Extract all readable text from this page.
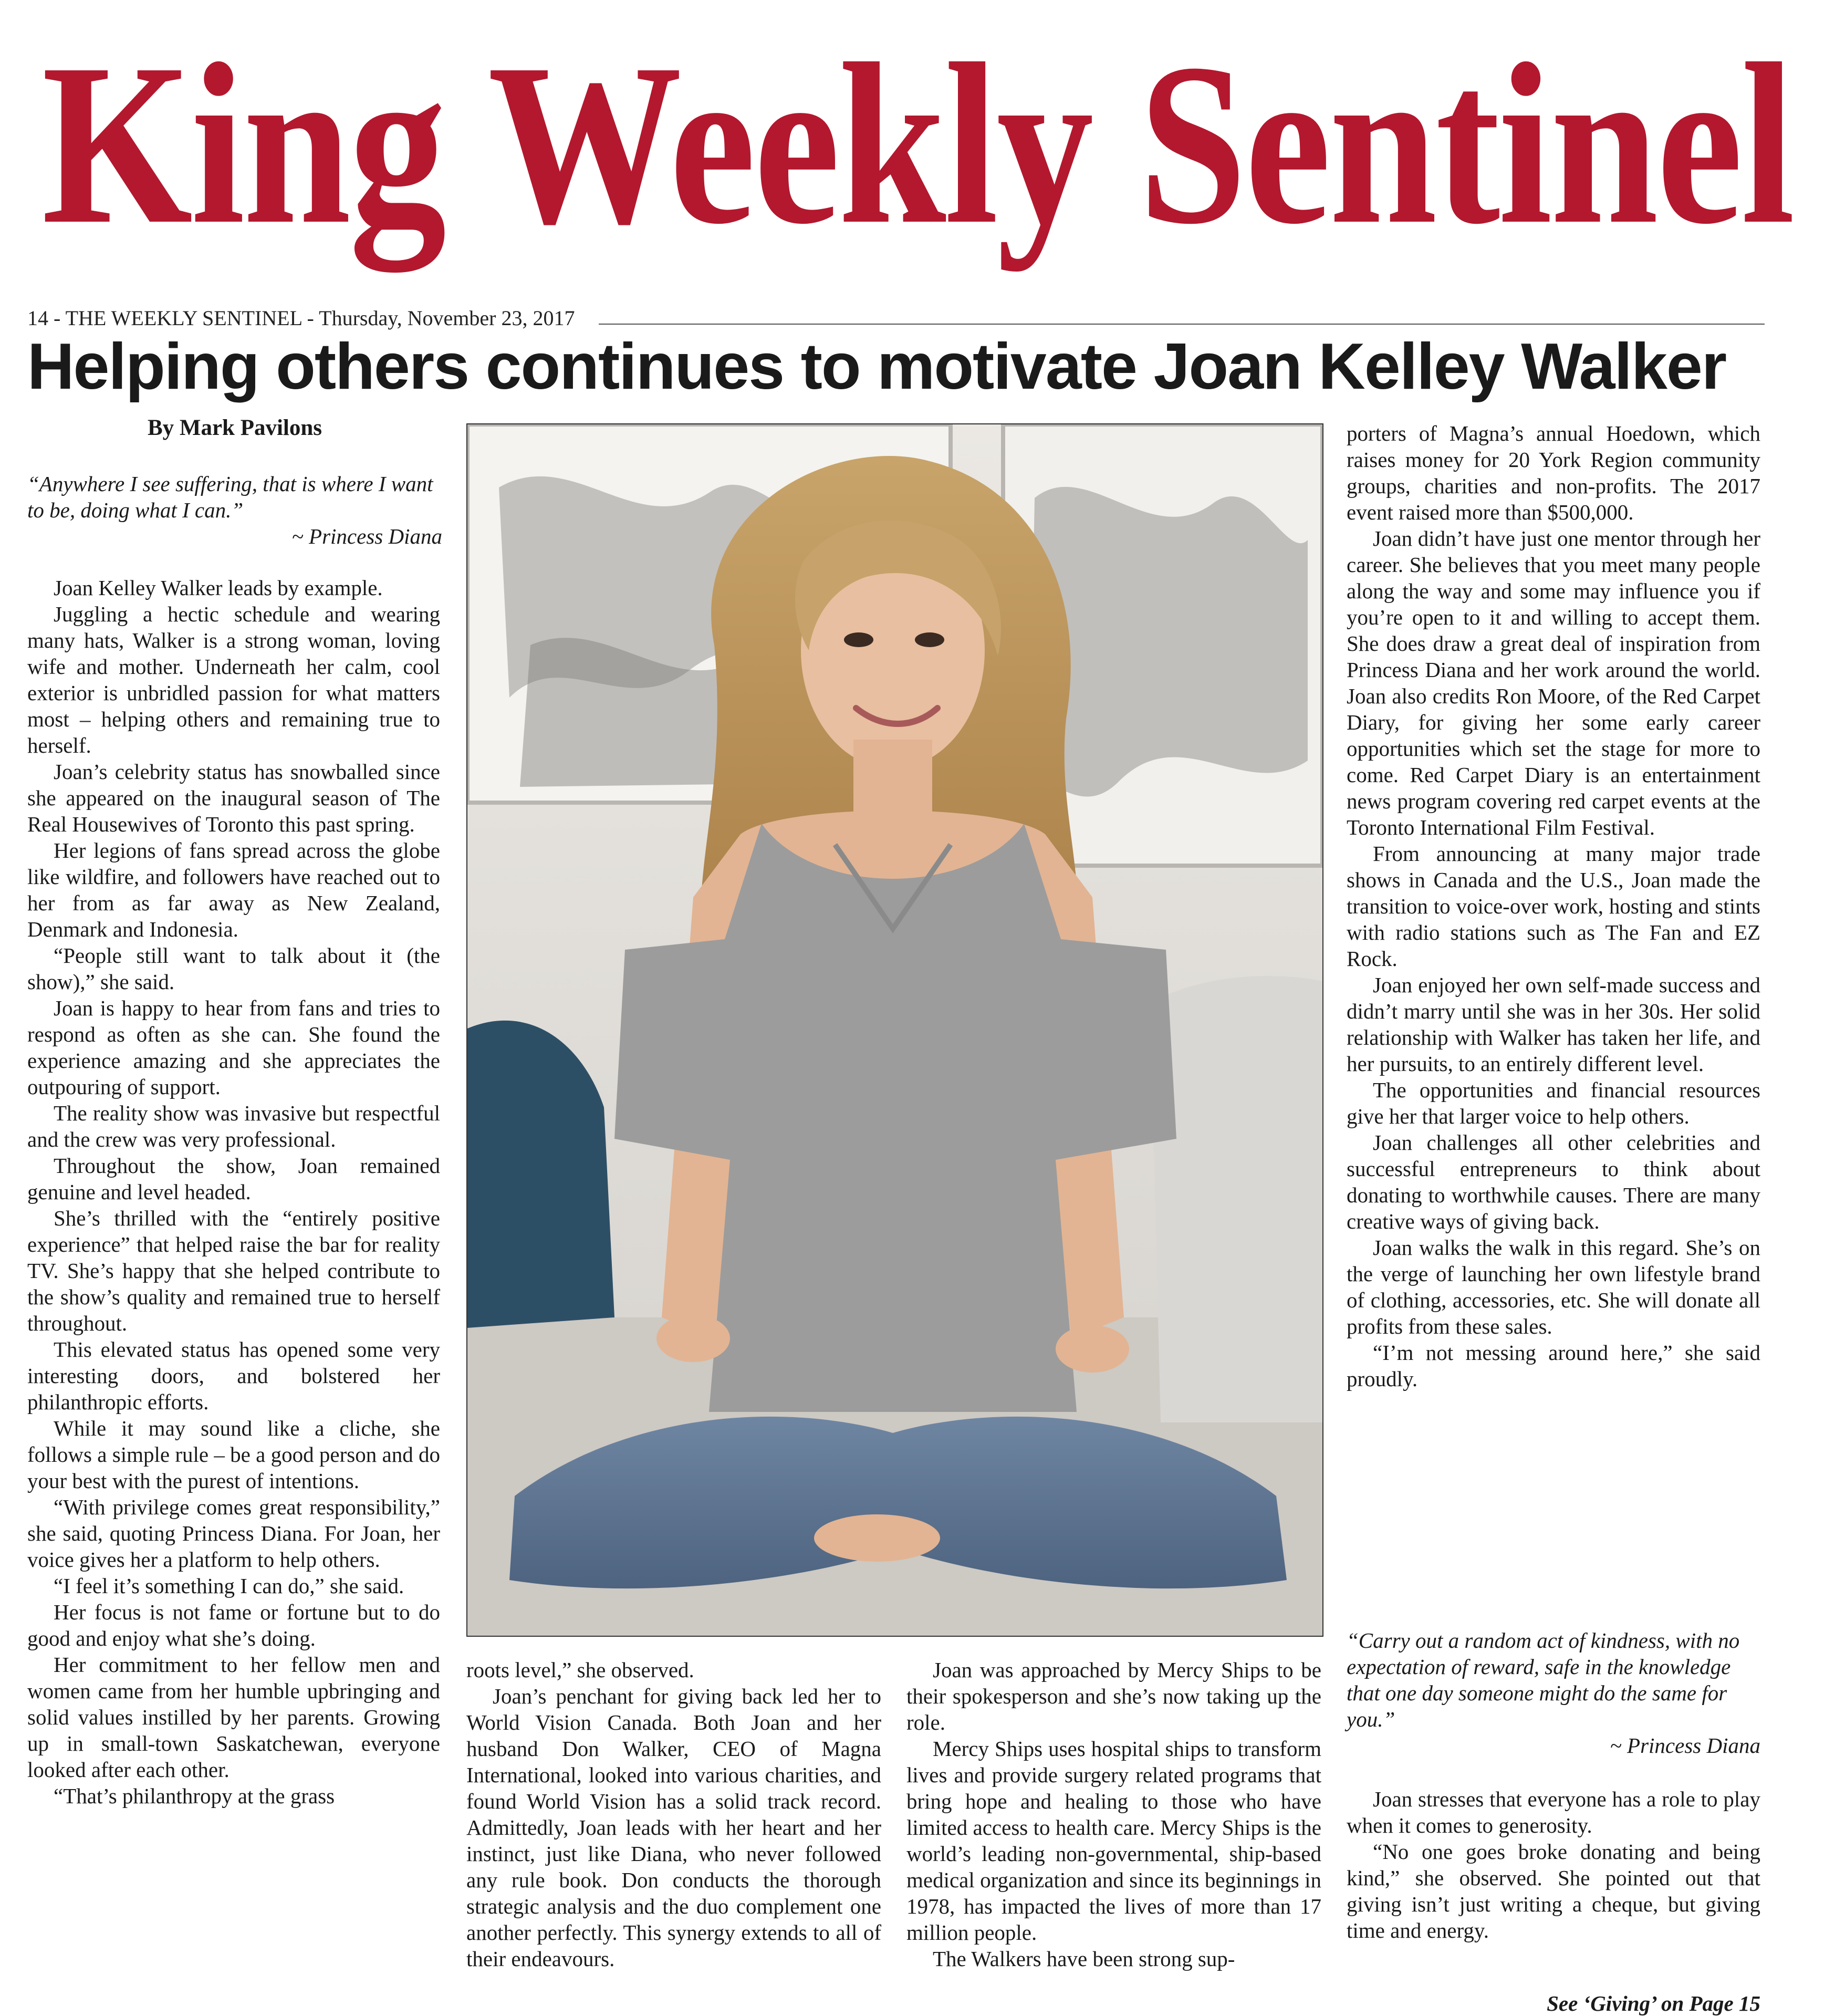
King Weekly Sentinel
14 - THE WEEKLY SENTINEL - Thursday, November 23, 2017
Helping others continues to motivate Joan Kelley Walker
By Mark Pavilons
“Anywhere I see suffering, that is where I want to be, doing what I can.”
~ Princess Diana

Joan Kelley Walker leads by example.

Juggling a hectic schedule and wearing many hats, Walker is a strong woman, loving wife and mother. Underneath her calm, cool exterior is unbridled passion for what matters most – helping others and remaining true to herself.

Joan’s celebrity status has snowballed since she appeared on the inaugural season of The Real Housewives of Toronto this past spring.

Her legions of fans spread across the globe like wildfire, and followers have reached out to her from as far away as New Zealand, Denmark and Indonesia.

“People still want to talk about it (the show),” she said.

Joan is happy to hear from fans and tries to respond as often as she can. She found the experience amazing and she appreciates the outpouring of support.

The reality show was invasive but respectful and the crew was very professional.

Throughout the show, Joan remained genuine and level headed.

She’s thrilled with the “entirely positive experience” that helped raise the bar for reality TV. She’s happy that she helped contribute to the show’s quality and remained true to herself throughout.

This elevated status has opened some very interesting doors, and bolstered her philanthropic efforts.

While it may sound like a cliche, she follows a simple rule – be a good person and do your best with the purest of intentions.

“With privilege comes great responsibility,” she said, quoting Princess Diana. For Joan, her voice gives her a platform to help others.

“I feel it’s something I can do,” she said.

Her focus is not fame or fortune but to do good and enjoy what she’s doing.

Her commitment to her fellow men and women came from her humble upbringing and solid values instilled by her parents. Growing up in small-town Saskatchewan, everyone looked after each other.

“That’s philanthropy at the grass

roots level,” she observed.

Joan’s penchant for giving back led her to World Vision Canada. Both Joan and her husband Don Walker, CEO of Magna International, looked into various charities, and found World Vision has a solid track record. Admittedly, Joan leads with her heart and her instinct, just like Diana, who never followed any rule book. Don conducts the thorough strategic analysis and the duo complement one another perfectly. This synergy extends to all of their endeavours.

Joan was approached by Mercy Ships to be their spokesperson and she’s now taking up the role.

Mercy Ships uses hospital ships to transform lives and provide surgery related programs that bring hope and healing to those who have limited access to health care. Mercy Ships is the world’s leading non-governmental, ship-based medical organization and since its beginnings in 1978, has impacted the lives of more than 17 million people.

The Walkers have been strong sup-

porters of Magna’s annual Hoedown, which raises money for 20 York Region community groups, charities and non-profits. The 2017 event raised more than $500,000.

Joan didn’t have just one mentor through her career. She believes that you meet many people along the way and some may influence you if you’re open to it and willing to accept them. She does draw a great deal of inspiration from Princess Diana and her work around the world. Joan also credits Ron Moore, of the Red Carpet Diary, for giving her some early career opportunities which set the stage for more to come. Red Carpet Diary is an entertainment news program covering red carpet events at the Toronto International Film Festival.

From announcing at many major trade shows in Canada and the U.S., Joan made the transition to voice-over work, hosting and stints with radio stations such as The Fan and EZ Rock.

Joan enjoyed her own self-made success and didn’t marry until she was in her 30s. Her solid relationship with Walker has taken her life, and her pursuits, to an entirely different level.

The opportunities and financial resources give her that larger voice to help others.

Joan challenges all other celebrities and successful entrepreneurs to think about donating to worthwhile causes. There are many creative ways of giving back.

Joan walks the walk in this regard. She’s on the verge of launching her own lifestyle brand of clothing, accessories, etc. She will donate all profits from these sales.

“I’m not messing around here,” she said proudly.

“Carry out a random act of kindness, with no expectation of reward, safe in the knowledge that one day someone might do the same for you.”
~ Princess Diana

Joan stresses that everyone has a role to play when it comes to generosity.

“No one goes broke donating and being kind,” she observed. She pointed out that giving isn’t just writing a cheque, but giving time and energy.

See ‘Giving’ on Page 15
